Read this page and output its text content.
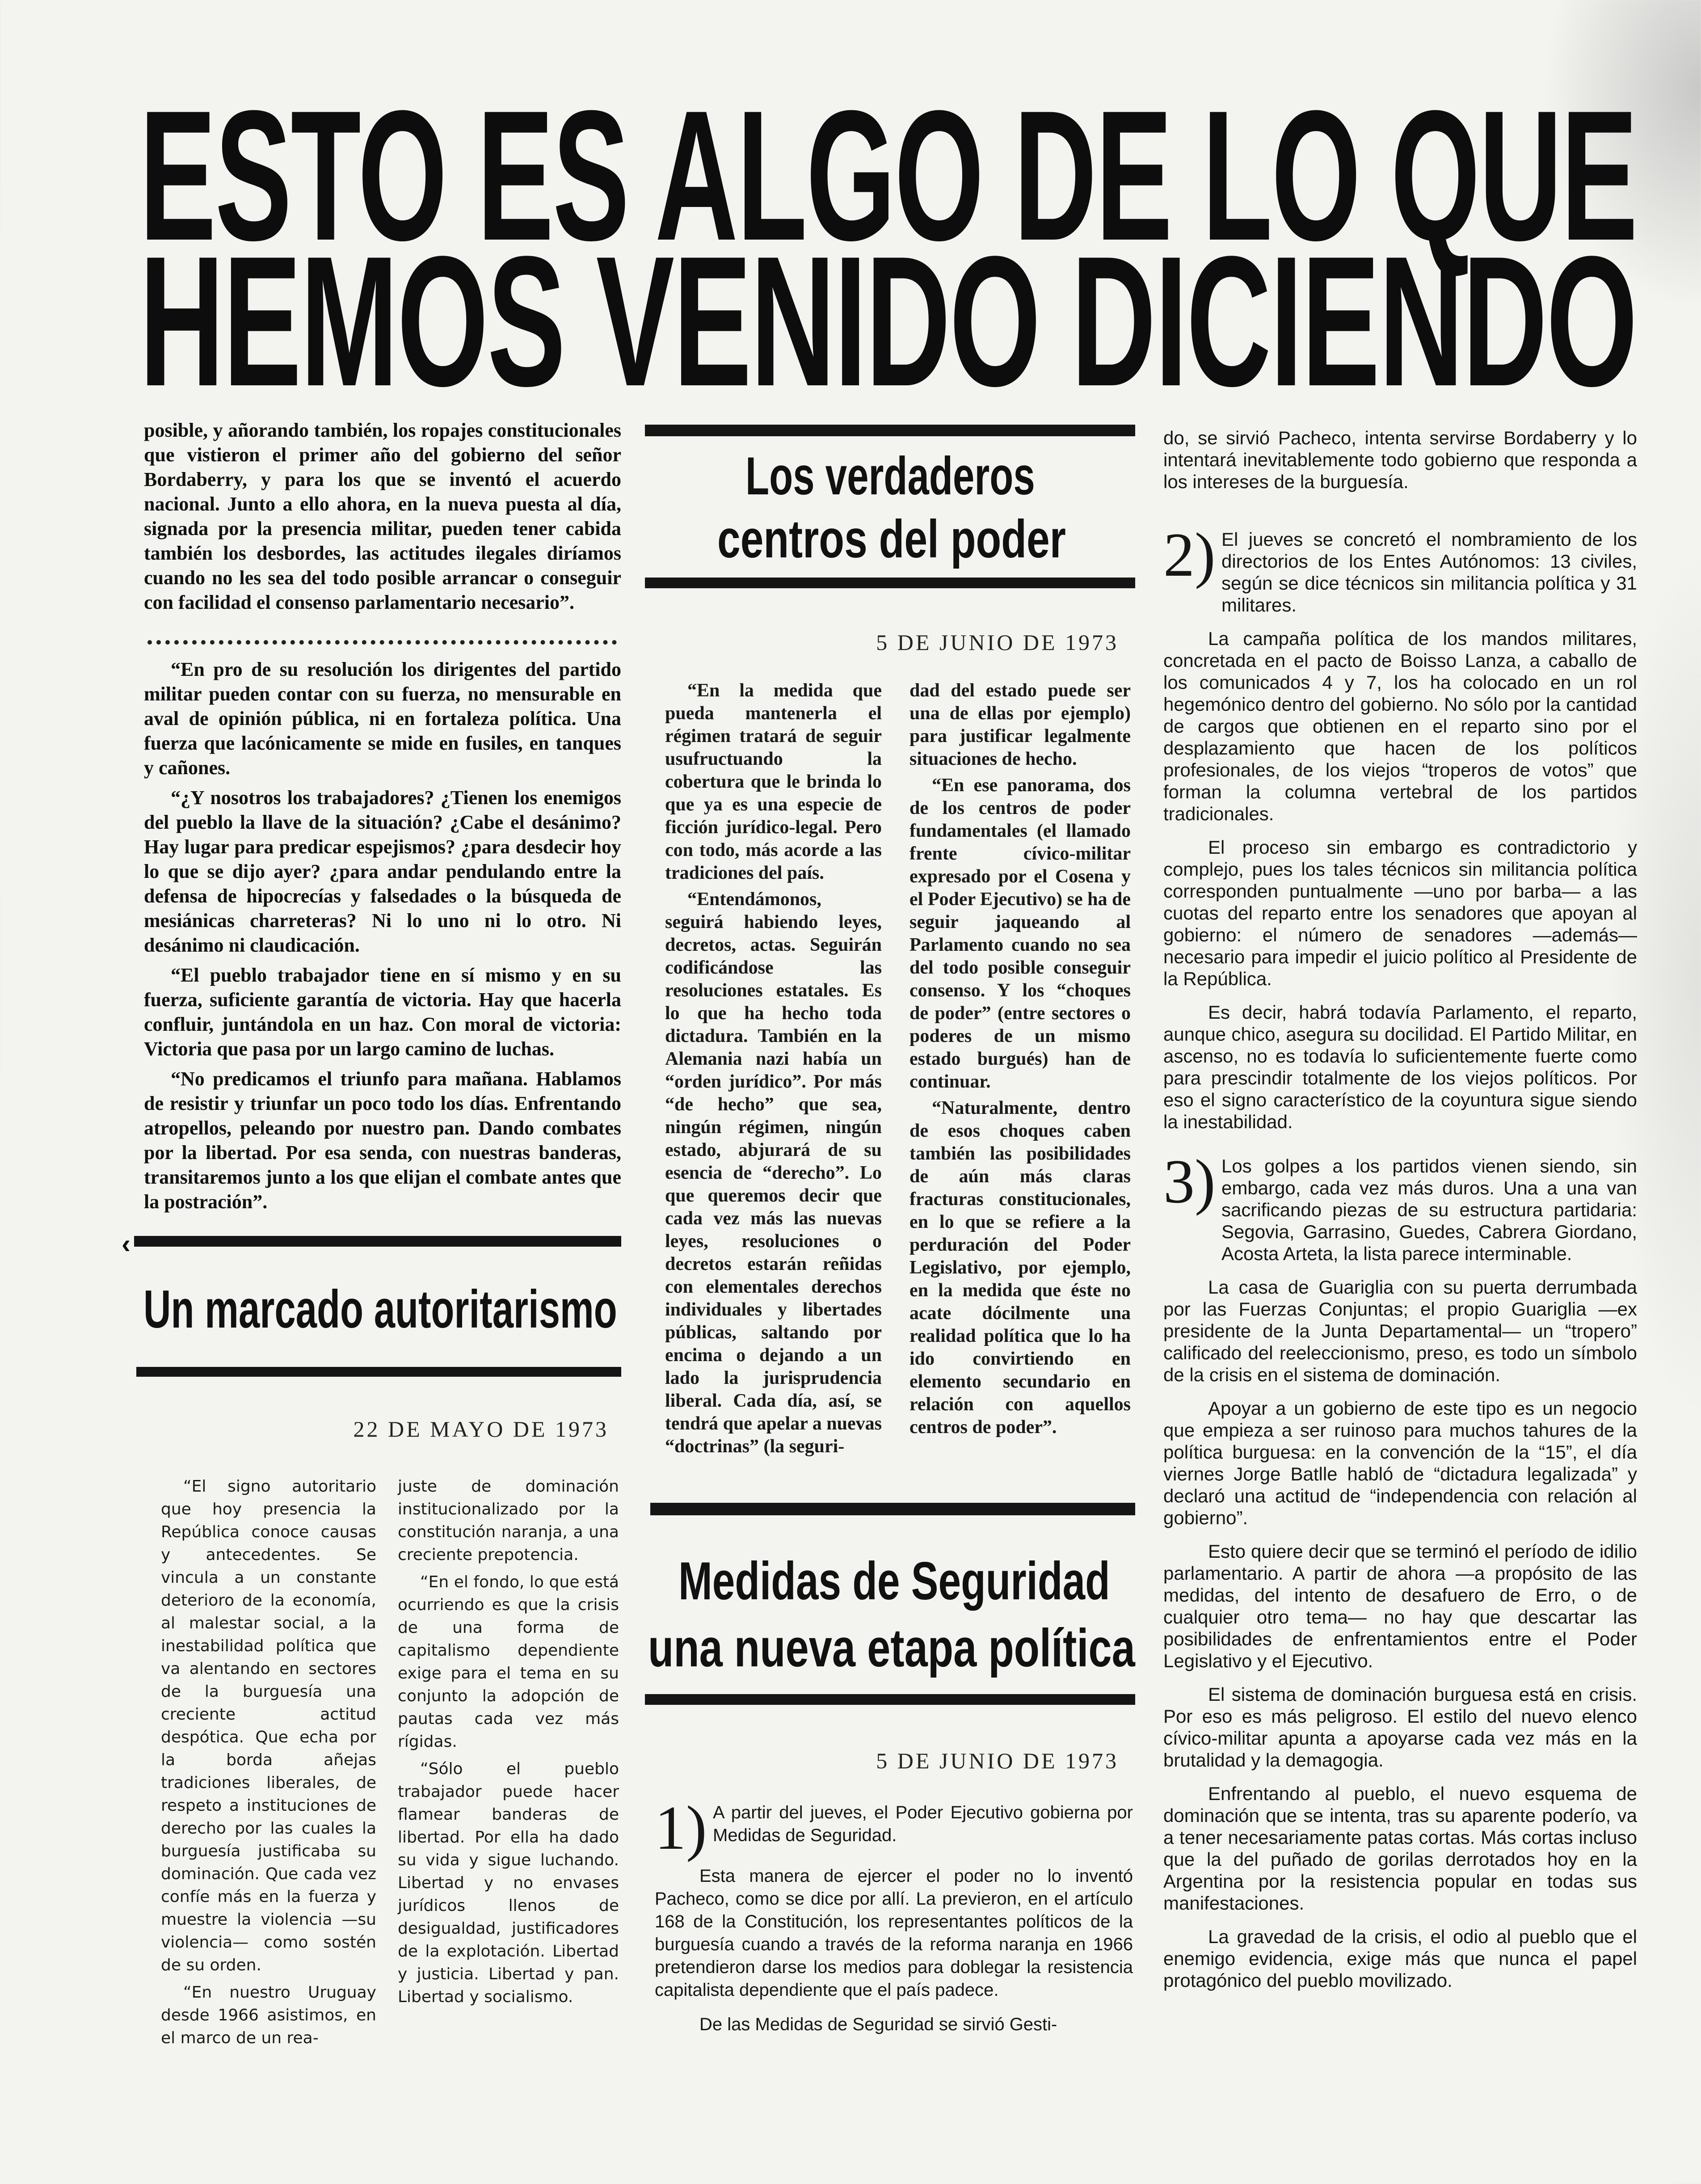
ESTO ES ALGO DE LO QUE
HEMOS VENIDO DICIENDO

posible, y añorando también, los ropajes constitucionales que vistieron el primer año del gobierno del señor Bordaberry, y para los que se inventó el acuerdo nacional. Junto a ello ahora, en la nueva puesta al día, signada por la presencia militar, pueden tener cabida también los desbordes, las actitudes ilegales diríamos cuando no les sea del todo posible arrancar o conseguir con facilidad el consenso parlamentario necesario”.

“En pro de su resolución los dirigentes del partido militar pueden contar con su fuerza, no mensurable en aval de opinión pública, ni en fortaleza política. Una fuerza que lacónicamente se mide en fusiles, en tanques y cañones.

“¿Y nosotros los trabajadores? ¿Tienen los enemigos del pueblo la llave de la situación? ¿Cabe el desánimo? Hay lugar para predicar espejismos? ¿para desdecir hoy lo que se dijo ayer? ¿para andar pendulando entre la defensa de hipocrecías y falsedades o la búsqueda de mesiánicas charreteras? Ni lo uno ni lo otro. Ni desánimo ni claudicación.

“El pueblo trabajador tiene en sí mismo y en su fuerza, suficiente garantía de victoria. Hay que hacerla confluir, juntándola en un haz. Con moral de victoria: Victoria que pasa por un largo camino de luchas.

“No predicamos el triunfo para mañana. Hablamos de resistir y triunfar un poco todo los días. Enfrentando atropellos, peleando por nuestro pan. Dando combates por la libertad. Por esa senda, con nuestras banderas, transitaremos junto a los que elijan el combate antes que la postración”.

‹
Un marcado autoritarismo
22 DE MAYO DE 1973

“El signo autoritario que hoy presencia la República conoce causas y antecedentes. Se vincula a un constante deterioro de la economía, al malestar social, a la inestabilidad política que va alentando en sectores de la burguesía una creciente actitud despótica. Que echa por la borda añejas tradiciones liberales, de respeto a instituciones de derecho por las cuales la burguesía justificaba su dominación. Que cada vez confíe más en la fuerza y muestre la violencia —su violencia— como sostén de su orden.

“En nuestro Uruguay desde 1966 asistimos, en el marco de un rea-

juste de dominación institucionalizado por la constitución naranja, a una creciente prepotencia.

“En el fondo, lo que está ocurriendo es que la crisis de una forma de capitalismo dependiente exige para el tema en su conjunto la adopción de pautas cada vez más rígidas.

“Sólo el pueblo trabajador puede hacer flamear banderas de libertad. Por ella ha dado su vida y sigue luchando. Libertad y no envases jurídicos llenos de desigualdad, justificadores de la explotación. Libertad y justicia. Libertad y pan. Libertad y socialismo.

Los verdaderos
centros del poder
5 DE JUNIO DE 1973

“En la medida que pueda mantenerla el régimen tratará de seguir usufructuando la cobertura que le brinda lo que ya es una especie de ficción jurídico-legal. Pero con todo, más acorde a las tradiciones del país.

“Entendámonos, seguirá habiendo leyes, decretos, actas. Seguirán codificándose las resoluciones estatales. Es lo que ha hecho toda dictadura. También en la Alemania nazi había un “orden jurídico”. Por más “de hecho” que sea, ningún régimen, ningún estado, abjurará de su esencia de “derecho”. Lo que queremos decir que cada vez más las nuevas leyes, resoluciones o decretos estarán reñidas con elementales derechos individuales y libertades públicas, saltando por encima o dejando a un lado la jurisprudencia liberal. Cada día, así, se tendrá que apelar a nuevas “doctrinas” (la seguri-

dad del estado puede ser una de ellas por ejemplo) para justificar legalmente situaciones de hecho.

“En ese panorama, dos de los centros de poder fundamentales (el llamado frente cívico-militar expresado por el Cosena y el Poder Ejecutivo) se ha de seguir jaqueando al Parlamento cuando no sea del todo posible conseguir consenso. Y los “choques de poder” (entre sectores o poderes de un mismo estado burgués) han de continuar.

“Naturalmente, dentro de esos choques caben también las posibilidades de aún más claras fracturas constitucionales, en lo que se refiere a la perduración del Poder Legislativo, por ejemplo, en la medida que éste no acate dócilmente una realidad política que lo ha ido convirtiendo en elemento secundario en relación con aquellos centros de poder”.

Medidas de Seguridad
una nueva etapa política
5 DE JUNIO DE 1973
1) A partir del jueves, el Poder Ejecutivo gobierna por Medidas de Seguridad.

Esta manera de ejercer el poder no lo inventó Pacheco, como se dice por allí. La previeron, en el artículo 168 de la Constitución, los representantes políticos de la burguesía cuando a través de la reforma naranja en 1966 pretendieron darse los medios para doblegar la resistencia capitalista dependiente que el país padece.

De las Medidas de Seguridad se sirvió Gesti-

do, se sirvió Pacheco, intenta servirse Bordaberry y lo intentará inevitablemente todo gobierno que responda a los intereses de la burguesía.

2) El jueves se concretó el nombramiento de los directorios de los Entes Autónomos: 13 civiles, según se dice técnicos sin militancia política y 31 militares.

La campaña política de los mandos militares, concretada en el pacto de Boisso Lanza, a caballo de los comunicados 4 y 7, los ha colocado en un rol hegemónico dentro del gobierno. No sólo por la cantidad de cargos que obtienen en el reparto sino por el desplazamiento que hacen de los políticos profesionales, de los viejos “troperos de votos” que forman la columna vertebral de los partidos tradicionales.

El proceso sin embargo es contradictorio y complejo, pues los tales técnicos sin militancia política corresponden puntualmente —uno por barba— a las cuotas del reparto entre los senadores que apoyan al gobierno: el número de senadores —además— necesario para impedir el juicio político al Presidente de la República.

Es decir, habrá todavía Parlamento, el reparto, aunque chico, asegura su docilidad. El Partido Militar, en ascenso, no es todavía lo suficientemente fuerte como para prescindir totalmente de los viejos políticos. Por eso el signo característico de la coyuntura sigue siendo la inestabilidad.

3) Los golpes a los partidos vienen siendo, sin embargo, cada vez más duros. Una a una van sacrificando piezas de su estructura partidaria: Segovia, Garrasino, Guedes, Cabrera Giordano, Acosta Arteta, la lista parece interminable.

La casa de Guariglia con su puerta derrumbada por las Fuerzas Conjuntas; el propio Guariglia —ex presidente de la Junta Departamental— un “tropero” calificado del reeleccionismo, preso, es todo un símbolo de la crisis en el sistema de dominación.

Apoyar a un gobierno de este tipo es un negocio que empieza a ser ruinoso para muchos tahures de la política burguesa: en la convención de la “15”, el día viernes Jorge Batlle habló de “dictadura legalizada” y declaró una actitud de “independencia con relación al gobierno”.

Esto quiere decir que se terminó el período de idilio parlamentario. A partir de ahora —a propósito de las medidas, del intento de desafuero de Erro, o de cualquier otro tema— no hay que descartar las posibilidades de enfrentamientos entre el Poder Legislativo y el Ejecutivo.

El sistema de dominación burguesa está en crisis. Por eso es más peligroso. El estilo del nuevo elenco cívico-militar apunta a apoyarse cada vez más en la brutalidad y la demagogia.

Enfrentando al pueblo, el nuevo esquema de dominación que se intenta, tras su aparente poderío, va a tener necesariamente patas cortas. Más cortas incluso que la del puñado de gorilas derrotados hoy en la Argentina por la resistencia popular en todas sus manifestaciones.

La gravedad de la crisis, el odio al pueblo que el enemigo evidencia, exige más que nunca el papel protagónico del pueblo movilizado.
